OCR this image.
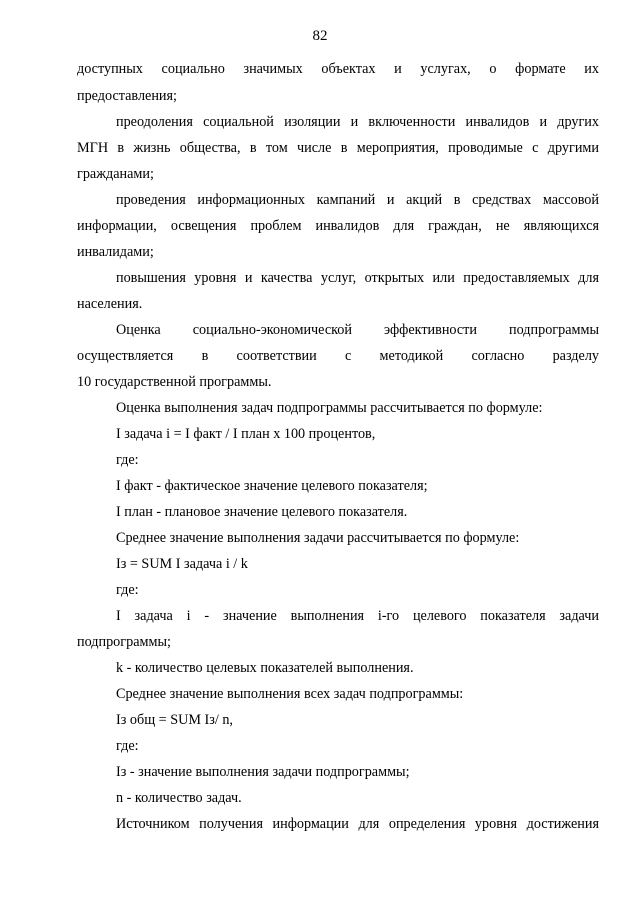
82
доступных социально значимых объектах и услугах, о формате их
предоставления;
преодоления социальной изоляции и включенности инвалидов и других
МГН в жизнь общества, в том числе в мероприятия, проводимые с другими
гражданами;
проведения информационных кампаний и акций в средствах массовой
информации, освещения проблем инвалидов для граждан, не являющихся
инвалидами;
повышения уровня и качества услуг, открытых или предоставляемых для
населения.
Оценка социально-экономической эффективности подпрограммы
осуществляется в соответствии с методикой согласно разделу
10 государственной программы.
Оценка выполнения задач подпрограммы рассчитывается по формуле:
I задача i = I факт / I план х 100 процентов,
где:
I факт - фактическое значение целевого показателя;
I план - плановое значение целевого показателя.
Среднее значение выполнения задачи рассчитывается по формуле:
Iз = SUM I задача i / k
где:
I задача i - значение выполнения i-го целевого показателя задачи
подпрограммы;
k - количество целевых показателей выполнения.
Среднее значение выполнения всех задач подпрограммы:
Iз общ = SUM Iз/ n,
где:
Iз - значение выполнения задачи подпрограммы;
n - количество задач.
Источником получения информации для определения уровня достижения
